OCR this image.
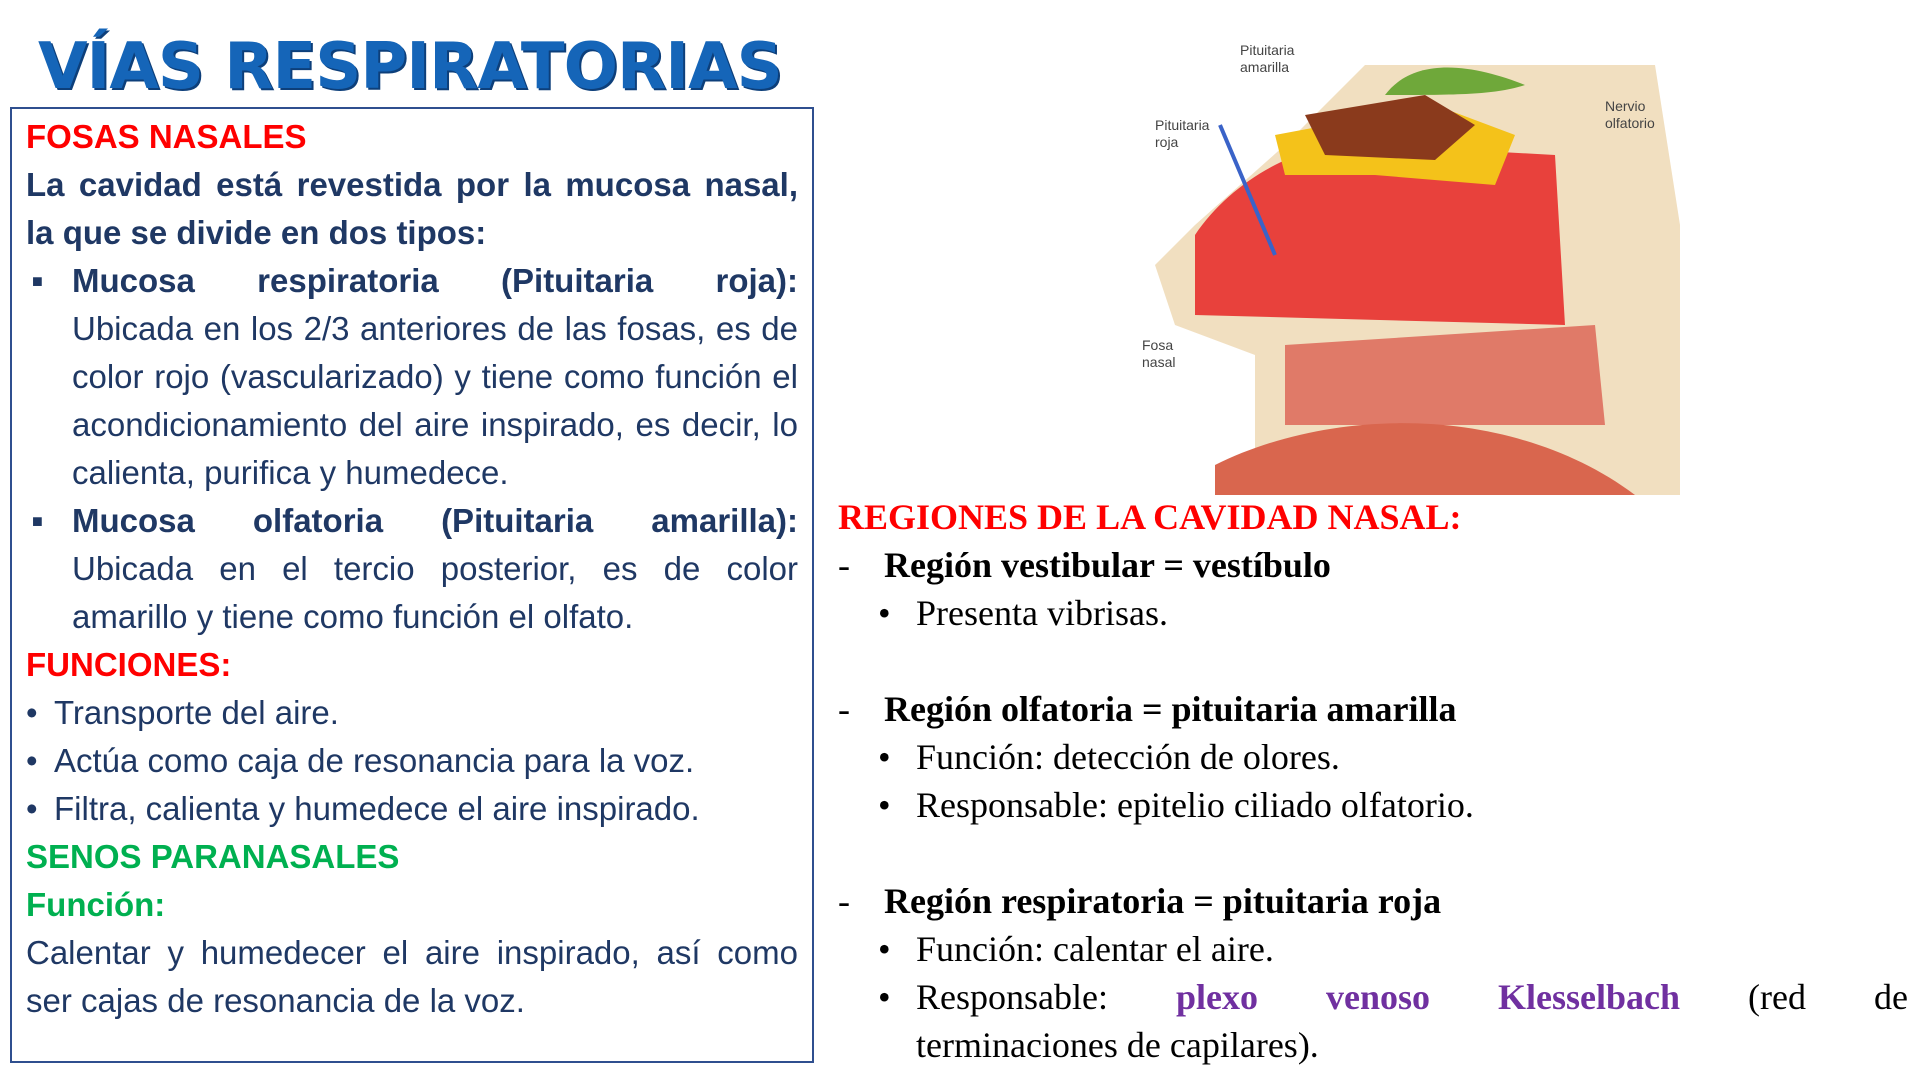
VÍAS RESPIRATORIAS
FOSAS NASALES
La cavidad está revestida por la mucosa nasal,
la que se divide en dos tipos:
■ Mucosa respiratoria (Pituitaria roja):
Ubicada en los 2/3 anteriores de las fosas, es de color rojo (vascularizado) y tiene como función el acondicionamiento del aire inspirado, es decir, lo calienta, purifica y humedece.
■ Mucosa olfatoria (Pituitaria amarilla):
Ubicada en el tercio posterior, es de color amarillo y tiene como función el olfato.
FUNCIONES:
• Transporte del aire.
• Actúa como caja de resonancia para la voz.
• Filtra, calienta y humedece el aire inspirado.
SENOS PARANASALES
Función:
Calentar y humedecer el aire inspirado, así como ser cajas de resonancia de la voz.
Pituitaria
amarilla
Pituitaria
roja
Nervio
olfatorio
Fosa
nasal
REGIONES DE LA CAVIDAD NASAL:
- Región vestibular = vestíbulo
• Presenta vibrisas.
- Región olfatoria = pituitaria amarilla
• Función: detección de olores.
• Responsable: epitelio ciliado olfatorio.
- Región respiratoria = pituitaria roja
• Función: calentar el aire.
• Responsable: plexo venoso Klesselbach (red de
terminaciones de capilares).
